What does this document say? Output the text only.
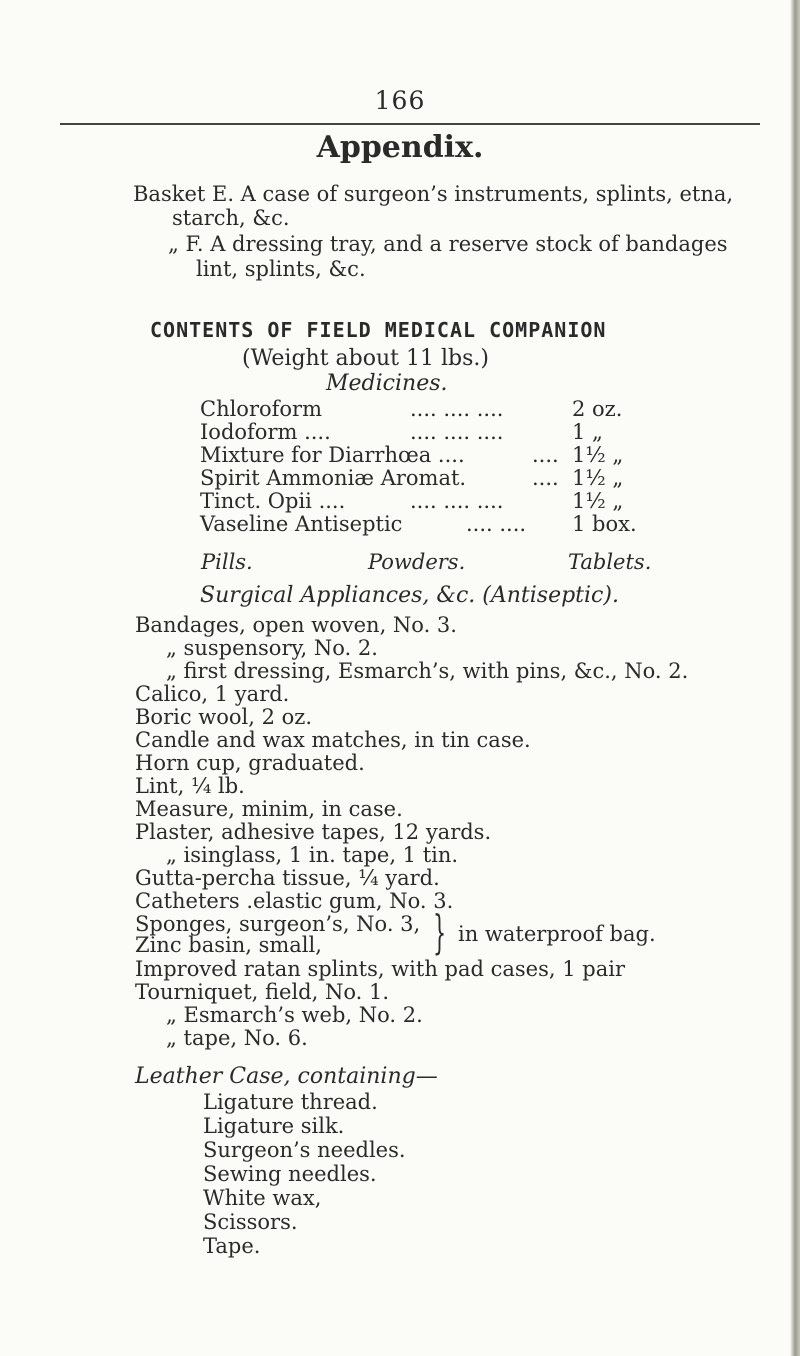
166
Appendix.
Basket E. A case of surgeon’s instruments, splints, etna,
starch, &c.
„ F. A dressing tray, and a reserve stock of bandages
lint, splints, &c.
CONTENTS OF FIELD MEDICAL COMPANION
(Weight about 11 lbs.)
Medicines.
Chloroform	.... .... ....	2 oz.
Iodoform ....	.... .... ....	1 „
Mixture for Diarrhœa ....	.... 1½ „
Spirit Ammoniæ Aromat.	.... 1½ „
Tinct. Opii ....	.... .... ....	1½ „
Vaseline Antiseptic	.... .... 1 box.
Pills.	Powders.	Tablets.
Surgical Appliances, &c. (Antiseptic).
Bandages, open woven, No. 3.
„ suspensory, No. 2.
„ first dressing, Esmarch’s, with pins, &c., No. 2.
Calico, 1 yard.
Boric wool, 2 oz.
Candle and wax matches, in tin case.
Horn cup, graduated.
Lint, ¼ lb.
Measure, minim, in case.
Plaster, adhesive tapes, 12 yards.
„ isinglass, 1 in. tape, 1 tin.
Gutta-percha tissue, ¼ yard.
Catheters .elastic gum, No. 3.
Sponges, surgeon’s, No. 3,
Zinc basin, small, } in waterproof bag.
Improved ratan splints, with pad cases, 1 pair
Tourniquet, field, No. 1.
„ Esmarch’s web, No. 2.
„ tape, No. 6.
Leather Case, containing—
Ligature thread.
Ligature silk.
Surgeon’s needles.
Sewing needles.
White wax,
Scissors.
Tape.
